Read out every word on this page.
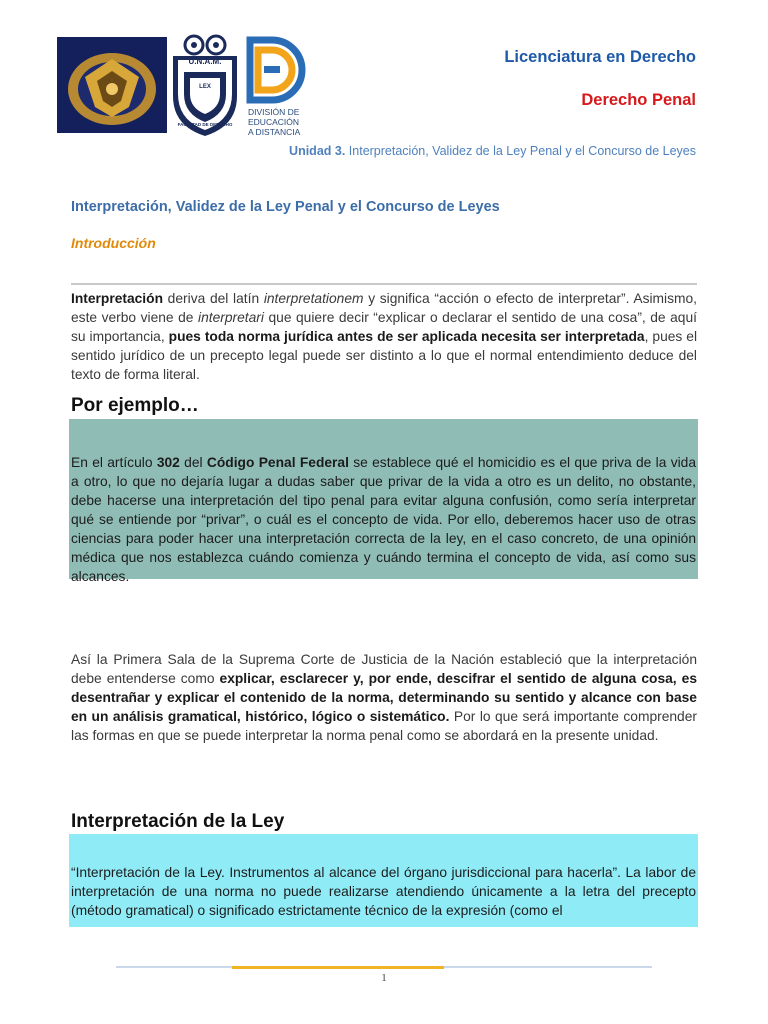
U.N.A.M.
LEX
FACULTAD DE DERECHO
DIVISIÓN DE
EDUCACIÓN
A DISTANCIA
Licenciatura en Derecho
Derecho Penal
Unidad 3. Interpretación, Validez de la Ley Penal y el Concurso de Leyes
Interpretación, Validez de la Ley Penal y el Concurso de Leyes
Introducción
Interpretación deriva del latín interpretationem y significa “acción o efecto de interpretar”. Asimismo, este verbo viene de interpretari que quiere decir “explicar o declarar el sentido de una cosa”, de aquí su importancia, pues toda norma jurídica antes de ser aplicada necesita ser interpretada, pues el sentido jurídico de un precepto legal puede ser distinto a lo que el normal entendimiento deduce del texto de forma literal.
Por ejemplo…
En el artículo 302 del Código Penal Federal se establece qué el homicidio es el que priva de la vida a otro, lo que no dejaría lugar a dudas saber que privar de la vida a otro es un delito, no obstante, debe hacerse una interpretación del tipo penal para evitar alguna confusión, como sería interpretar qué se entiende por “privar”, o cuál es el concepto de vida. Por ello, deberemos hacer uso de otras ciencias para poder hacer una interpretación correcta de la ley, en el caso concreto, de una opinión médica que nos establezca cuándo comienza y cuándo termina el concepto de vida, así como sus alcances.
Así la Primera Sala de la Suprema Corte de Justicia de la Nación estableció que la interpretación debe entenderse como explicar, esclarecer y, por ende, descifrar el sentido de alguna cosa, es desentrañar y explicar el contenido de la norma, determinando su sentido y alcance con base en un análisis gramatical, histórico, lógico o sistemático. Por lo que será importante comprender las formas en que se puede interpretar la norma penal como se abordará en la presente unidad.
Interpretación de la Ley
“Interpretación de la Ley. Instrumentos al alcance del órgano jurisdiccional para hacerla”. La labor de interpretación de una norma no puede realizarse atendiendo únicamente a la letra del precepto (método gramatical) o significado estrictamente técnico de la expresión (como el
1
